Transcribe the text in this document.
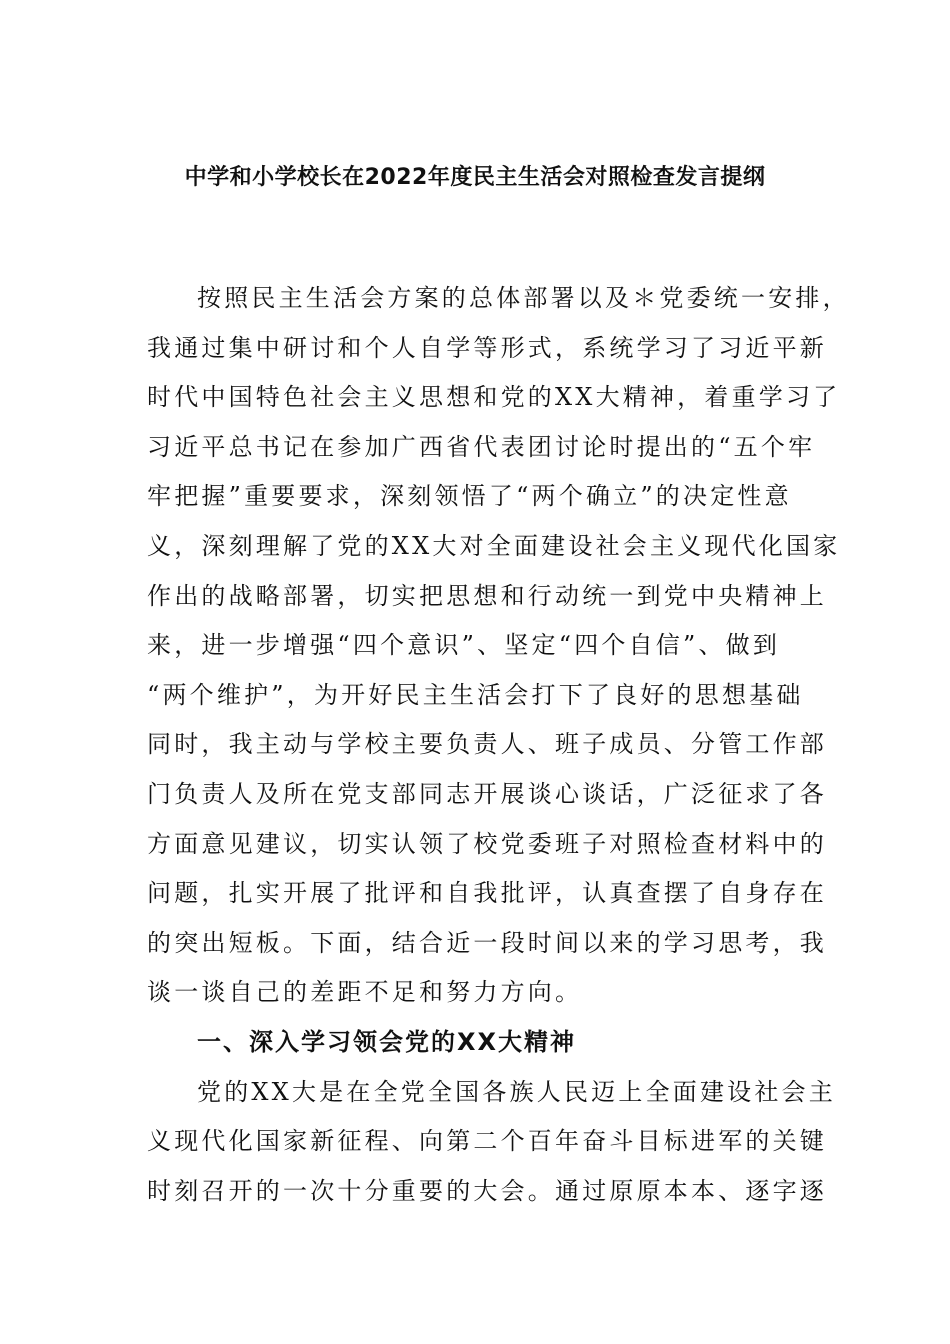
中学和小学校长在2022年度民主生活会对照检查发言提纲
按照民主生活会方案的总体部署以及＊党委统一安排，
我通过集中研讨和个人自学等形式，系统学习了习近平新
时代中国特色社会主义思想和党的XX大精神，着重学习了
习近平总书记在参加广西省代表团讨论时提出的“五个牢
牢把握”重要要求，深刻领悟了“两个确立”的决定性意
义，深刻理解了党的XX大对全面建设社会主义现代化国家
作出的战略部署，切实把思想和行动统一到党中央精神上
来，进一步增强“四个意识”、坚定“四个自信”、做到
“两个维护”，为开好民主生活会打下了良好的思想基础
同时，我主动与学校主要负责人、班子成员、分管工作部
门负责人及所在党支部同志开展谈心谈话，广泛征求了各
方面意见建议，切实认领了校党委班子对照检查材料中的
问题，扎实开展了批评和自我批评，认真查摆了自身存在
的突出短板。下面，结合近一段时间以来的学习思考，我
谈一谈自己的差距不足和努力方向。
一、深入学习领会党的XX大精神
党的XX大是在全党全国各族人民迈上全面建设社会主
义现代化国家新征程、向第二个百年奋斗目标进军的关键
时刻召开的一次十分重要的大会。通过原原本本、逐字逐
